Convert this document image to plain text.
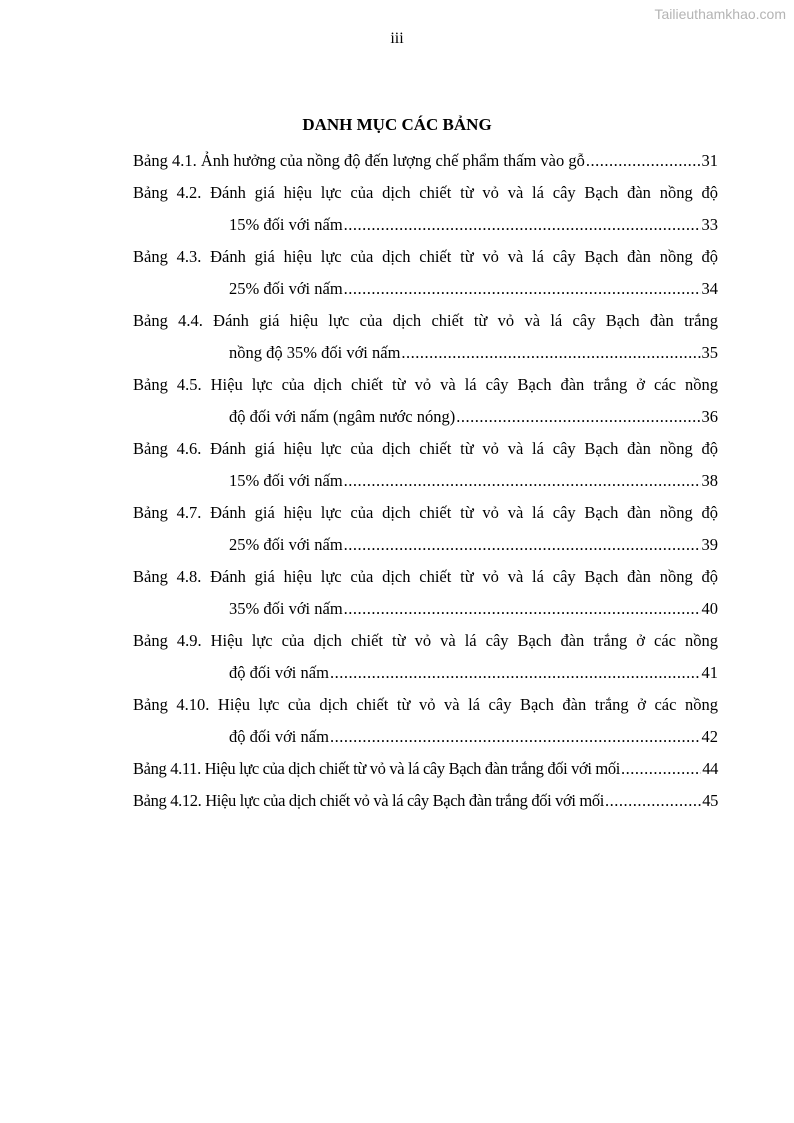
Tailieuthamkhao.com
iii
DANH MỤC CÁC BẢNG
Bảng 4.1. Ảnh hưởng của nồng độ đến lượng chế phẩm thấm vào gỗ .....	31
Bảng 4.2. Đánh giá hiệu lực của dịch chiết từ vỏ và lá cây Bạch đàn nồng độ
15% đối với nấm .....	33
Bảng 4.3. Đánh giá hiệu lực của dịch chiết từ vỏ và lá cây Bạch đàn nồng độ
25% đối với nấm .....	34
Bảng 4.4. Đánh giá hiệu lực của dịch chiết từ vỏ và lá cây Bạch đàn trắng
nồng độ 35% đối với nấm .....	35
Bảng 4.5. Hiệu lực của dịch chiết từ vỏ và lá cây Bạch đàn trắng ở các nồng
độ đối với nấm (ngâm nước nóng) .....	36
Bảng 4.6. Đánh giá hiệu lực của dịch chiết từ vỏ và lá cây Bạch đàn nồng độ
15% đối với nấm .....	38
Bảng 4.7. Đánh giá hiệu lực của dịch chiết từ vỏ và lá cây Bạch đàn nồng độ
25% đối với nấm .....	39
Bảng 4.8. Đánh giá hiệu lực của dịch chiết từ vỏ và lá cây Bạch đàn nồng độ
35% đối với nấm .....	40
Bảng 4.9. Hiệu lực của dịch chiết từ vỏ và lá cây Bạch đàn trắng ở các nồng
độ đối với nấm .....	41
Bảng 4.10. Hiệu lực của dịch chiết từ vỏ và lá cây Bạch đàn trắng ở các nồng
độ đối với nấm .....	42
Bảng 4.11. Hiệu lực của dịch chiết từ vỏ và lá cây Bạch đàn trắng đối với mối .....	44
Bảng 4.12. Hiệu lực của dịch chiết vỏ và lá cây Bạch đàn trắng đối với mối .....	45
